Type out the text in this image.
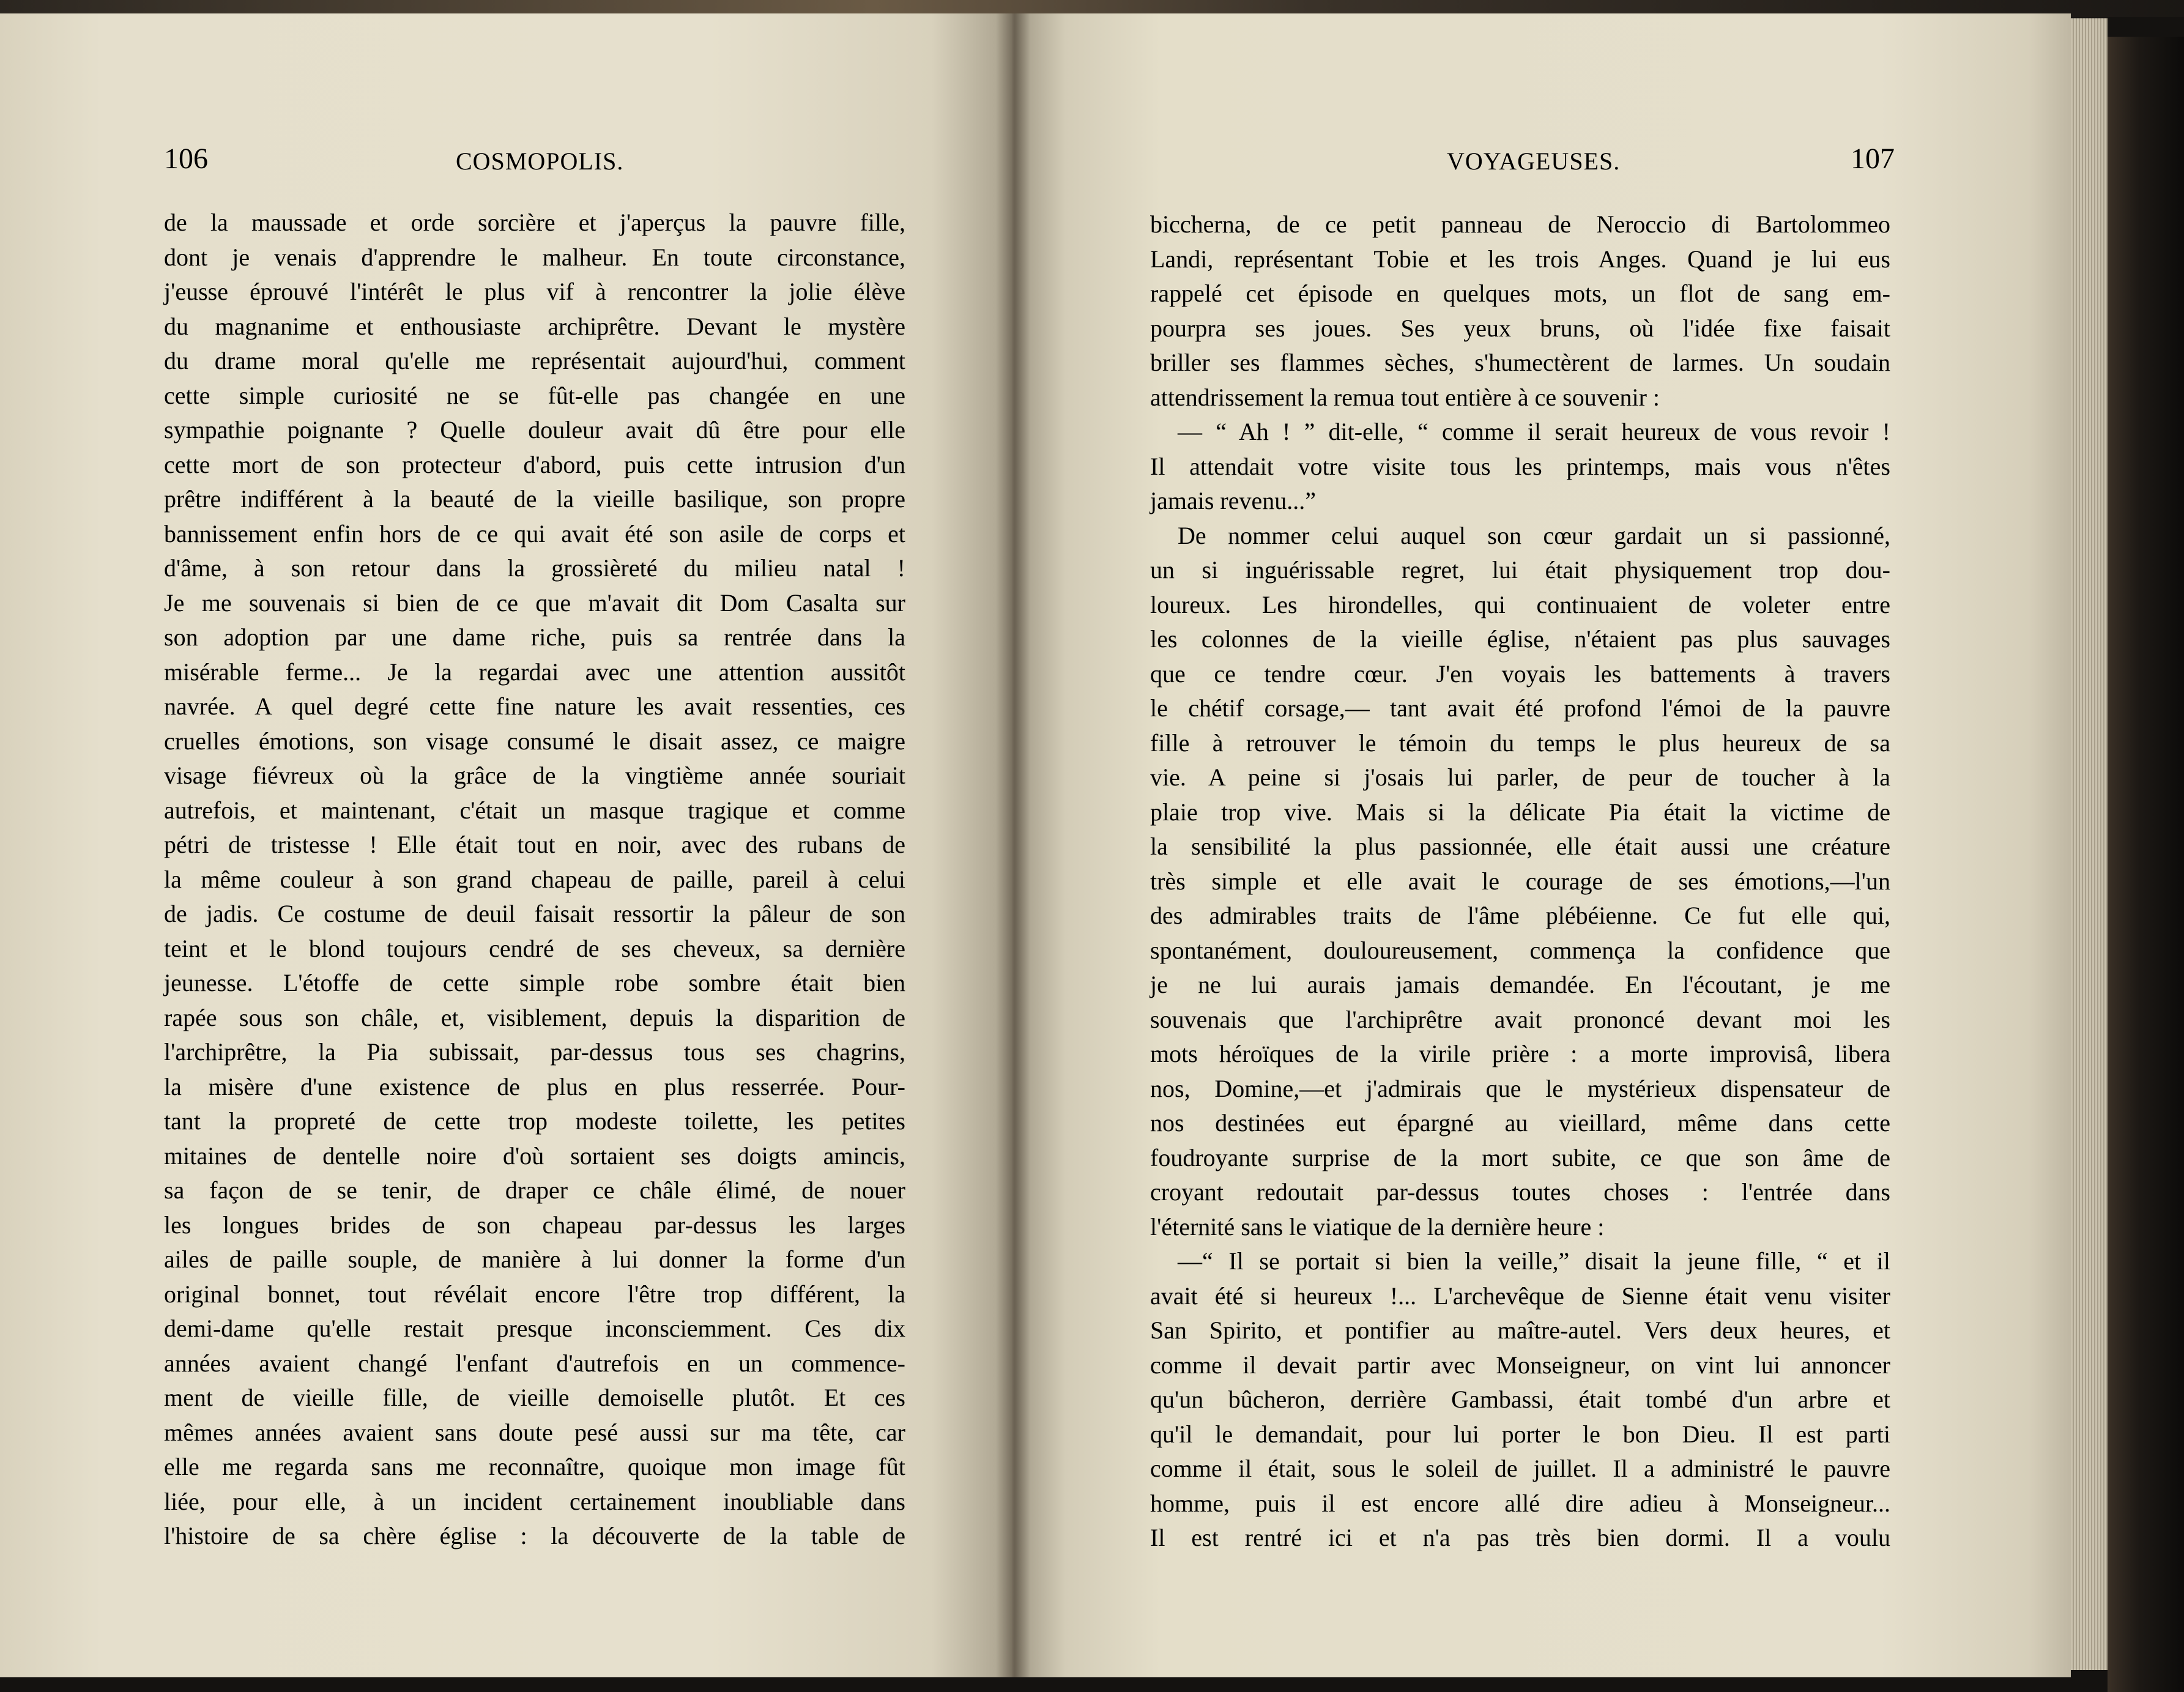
106	COSMOPOLIS.	VOYAGEUSES.	107
de la maussade et orde sorcière et j'aperçus la pauvre fille,
dont je venais d'apprendre le malheur. En toute circonstance,
j'eusse éprouvé l'intérêt le plus vif à rencontrer la jolie élève
du magnanime et enthousiaste archiprêtre. Devant le mystère
du drame moral qu'elle me représentait aujourd'hui, comment
cette simple curiosité ne se fût-elle pas changée en une
sympathie poignante ? Quelle douleur avait dû être pour elle
cette mort de son protecteur d'abord, puis cette intrusion d'un
prêtre indifférent à la beauté de la vieille basilique, son propre
bannissement enfin hors de ce qui avait été son asile de corps et
d'âme, à son retour dans la grossièreté du milieu natal !
Je me souvenais si bien de ce que m'avait dit Dom Casalta sur
son adoption par une dame riche, puis sa rentrée dans la
misérable ferme... Je la regardai avec une attention aussitôt
navrée. A quel degré cette fine nature les avait ressenties, ces
cruelles émotions, son visage consumé le disait assez, ce maigre
visage fiévreux où la grâce de la vingtième année souriait
autrefois, et maintenant, c'était un masque tragique et comme
pétri de tristesse ! Elle était tout en noir, avec des rubans de
la même couleur à son grand chapeau de paille, pareil à celui
de jadis. Ce costume de deuil faisait ressortir la pâleur de son
teint et le blond toujours cendré de ses cheveux, sa dernière
jeunesse. L'étoffe de cette simple robe sombre était bien
rapée sous son châle, et, visiblement, depuis la disparition de
l'archiprêtre, la Pia subissait, par-dessus tous ses chagrins,
la misère d'une existence de plus en plus resserrée. Pour-
tant la propreté de cette trop modeste toilette, les petites
mitaines de dentelle noire d'où sortaient ses doigts amincis,
sa façon de se tenir, de draper ce châle élimé, de nouer
les longues brides de son chapeau par-dessus les larges
ailes de paille souple, de manière à lui donner la forme d'un
original bonnet, tout révélait encore l'être trop différent, la
demi-dame qu'elle restait presque inconsciemment. Ces dix
années avaient changé l'enfant d'autrefois en un commence-
ment de vieille fille, de vieille demoiselle plutôt. Et ces
mêmes années avaient sans doute pesé aussi sur ma tête, car
elle me regarda sans me reconnaître, quoique mon image fût
liée, pour elle, à un incident certainement inoubliable dans
l'histoire de sa chère église : la découverte de la table de
biccherna, de ce petit panneau de Neroccio di Bartolommeo
Landi, représentant Tobie et les trois Anges. Quand je lui eus
rappelé cet épisode en quelques mots, un flot de sang em-
pourpra ses joues. Ses yeux bruns, où l'idée fixe faisait
briller ses flammes sèches, s'humectèrent de larmes. Un soudain
attendrissement la remua tout entière à ce souvenir :
— “ Ah ! ” dit-elle, “ comme il serait heureux de vous revoir !
Il attendait votre visite tous les printemps, mais vous n'êtes
jamais revenu...”
De nommer celui auquel son cœur gardait un si passionné,
un si inguérissable regret, lui était physiquement trop dou-
loureux. Les hirondelles, qui continuaient de voleter entre
les colonnes de la vieille église, n'étaient pas plus sauvages
que ce tendre cœur. J'en voyais les battements à travers
le chétif corsage,— tant avait été profond l'émoi de la pauvre
fille à retrouver le témoin du temps le plus heureux de sa
vie. A peine si j'osais lui parler, de peur de toucher à la
plaie trop vive. Mais si la délicate Pia était la victime de
la sensibilité la plus passionnée, elle était aussi une créature
très simple et elle avait le courage de ses émotions,—l'un
des admirables traits de l'âme plébéienne. Ce fut elle qui,
spontanément, douloureusement, commença la confidence que
je ne lui aurais jamais demandée. En l'écoutant, je me
souvenais que l'archiprêtre avait prononcé devant moi les
mots héroïques de la virile prière : a morte improvisâ, libera
nos, Domine,—et j'admirais que le mystérieux dispensateur de
nos destinées eut épargné au vieillard, même dans cette
foudroyante surprise de la mort subite, ce que son âme de
croyant redoutait par-dessus toutes choses : l'entrée dans
l'éternité sans le viatique de la dernière heure :
—“ Il se portait si bien la veille,” disait la jeune fille, “ et il
avait été si heureux !... L'archevêque de Sienne était venu visiter
San Spirito, et pontifier au maître-autel. Vers deux heures, et
comme il devait partir avec Monseigneur, on vint lui annoncer
qu'un bûcheron, derrière Gambassi, était tombé d'un arbre et
qu'il le demandait, pour lui porter le bon Dieu. Il est parti
comme il était, sous le soleil de juillet. Il a administré le pauvre
homme, puis il est encore allé dire adieu à Monseigneur...
Il est rentré ici et n'a pas très bien dormi. Il a voulu
